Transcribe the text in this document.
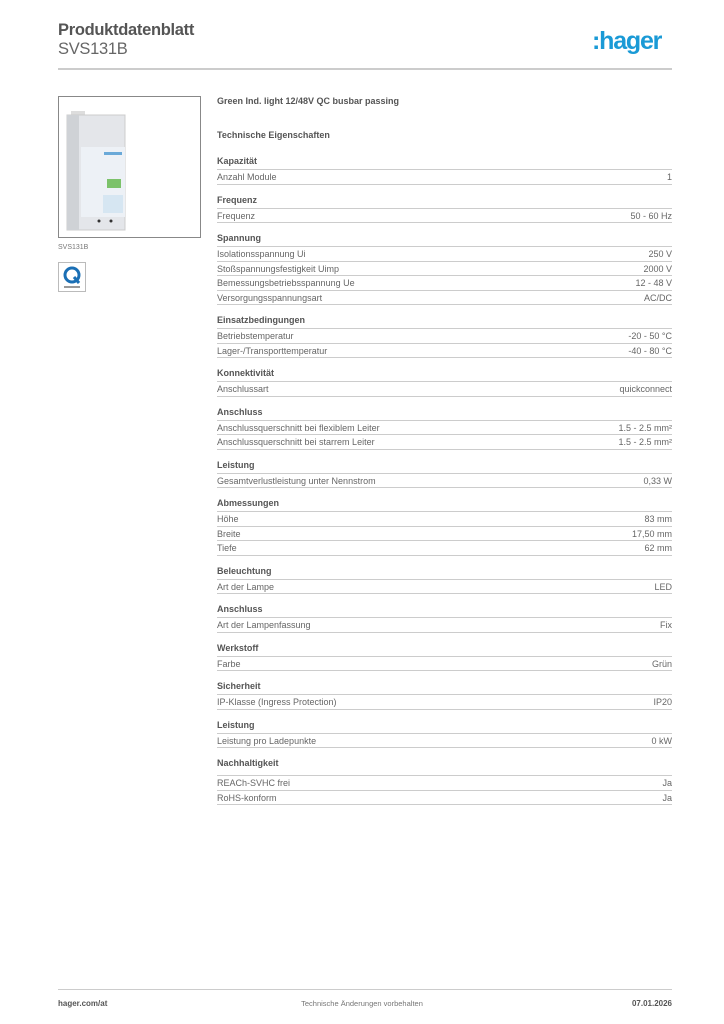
Produktdatenblatt
SVS131B	:hager
SVS131B
Green Ind. light 12/48V QC busbar passing
Technische Eigenschaften
Kapazität
Anzahl Module	1
Frequenz
Frequenz	50 - 60 Hz
Spannung
Isolationsspannung Ui	250 V
Stoßspannungsfestigkeit Uimp	2000 V
Bemessungsbetriebsspannung Ue	12 - 48 V
Versorgungsspannungsart	AC/DC
Einsatzbedingungen
Betriebstemperatur	-20 - 50 °C
Lager-/Transporttemperatur	-40 - 80 °C
Konnektivität
Anschlussart	quickconnect
Anschluss
Anschlussquerschnitt bei flexiblem Leiter	1.5 - 2.5 mm²
Anschlussquerschnitt bei starrem Leiter	1.5 - 2.5 mm²
Leistung
Gesamtverlustleistung unter Nennstrom	0,33 W
Abmessungen
Höhe	83 mm
Breite	17,50 mm
Tiefe	62 mm
Beleuchtung
Art der Lampe	LED
Anschluss
Art der Lampenfassung	Fix
Werkstoff
Farbe	Grün
Sicherheit
IP-Klasse (Ingress Protection)	IP20
Leistung
Leistung pro Ladepunkte	0 kW
Nachhaltigkeit
REACh-SVHC frei	Ja
RoHS-konform	Ja
hager.com/at	Technische Änderungen vorbehalten	07.01.2026
